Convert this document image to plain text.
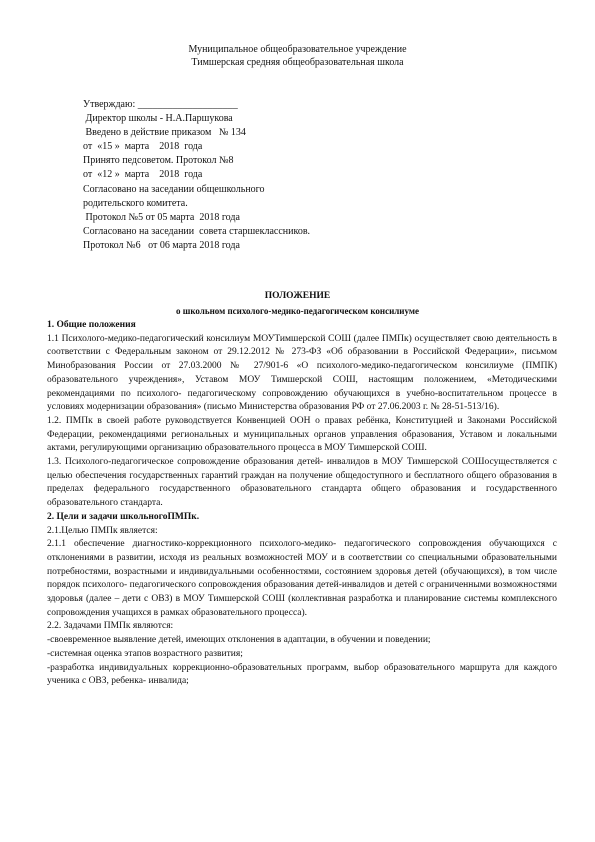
Муниципальное общеобразовательное учреждение
Тимшерская средняя общеобразовательная школа
Утверждаю: ____________________
Директор школы - Н.А.Паршукова
Введено в действие приказом   № 134
от  «15 »  марта    2018  года
Принято педсоветом. Протокол №8
от  «12 »  марта    2018  года
Согласовано на заседании общешкольного
родительского комитета.
Протокол №5 от 05 марта  2018 года
Согласовано на заседании  совета старшеклассников.
Протокол №6   от 06 марта 2018 года
ПОЛОЖЕНИЕ
о школьном психолого-медико-педагогическом консилиуме

1. Общие положения

1.1 Психолого-медико-педагогический консилиум МОУТимшерской СОШ (далее ПМПк) осуществляет свою деятельность в соответствии с Федеральным законом от 29.12.2012 № 273-ФЗ «Об образовании в Российской Федерации», письмом Минобразования России от 27.03.2000 № 27/901-6 «О психолого-медико-педагогическом консилиуме (ПМПК) образовательного учреждения», Уставом МОУ Тимшерской СОШ, настоящим положением, «Методическими рекомендациями по психолого- педагогическому сопровождению обучающихся в учебно-воспитательном процессе в условиях модернизации образования» (письмо Министерства образования РФ от 27.06.2003 г. № 28-51-513/16).

1.2. ПМПк в своей работе руководствуется Конвенцией ООН о правах ребёнка, Конституцией и Законами Российской Федерации, рекомендациями региональных и муниципальных органов управления образования, Уставом и локальными актами, регулирующими организацию образовательного процесса в МОУ Тимшерской СОШ.

1.3. Психолого-педагогическое сопровождение образования детей- инвалидов в МОУ Тимшерской СОШосуществляется с целью обеспечения государственных гарантий граждан на получение общедоступного и бесплатного общего образования в пределах федерального государственного образовательного стандарта общего образования и государственного образовательного стандарта.

2. Цели и задачи школьногоПМПк.

2.1.Целью ПМПк является:

2.1.1 обеспечение диагностико-коррекционного психолого-медико- педагогического сопровождения обучающихся с отклонениями в развитии, исходя из реальных возможностей МОУ и в соответствии со специальными образовательными потребностями, возрастными и индивидуальными особенностями, состоянием здоровья детей (обучающихся), в том числе порядок психолого- педагогического сопровождения образования детей-инвалидов и детей с ограниченными возможностями здоровья (далее – дети с ОВЗ) в МОУ Тимшерской СОШ (коллективная разработка и планирование системы комплексного сопровождения учащихся в рамках образовательного процесса).

2.2. Задачами ПМПк являются:

-своевременное выявление детей, имеющих отклонения в адаптации, в обучении и поведении;

-системная оценка этапов возрастного развития;

-разработка индивидуальных коррекционно-образовательных программ, выбор образовательного маршрута для каждого ученика с ОВЗ, ребенка- инвалида;
